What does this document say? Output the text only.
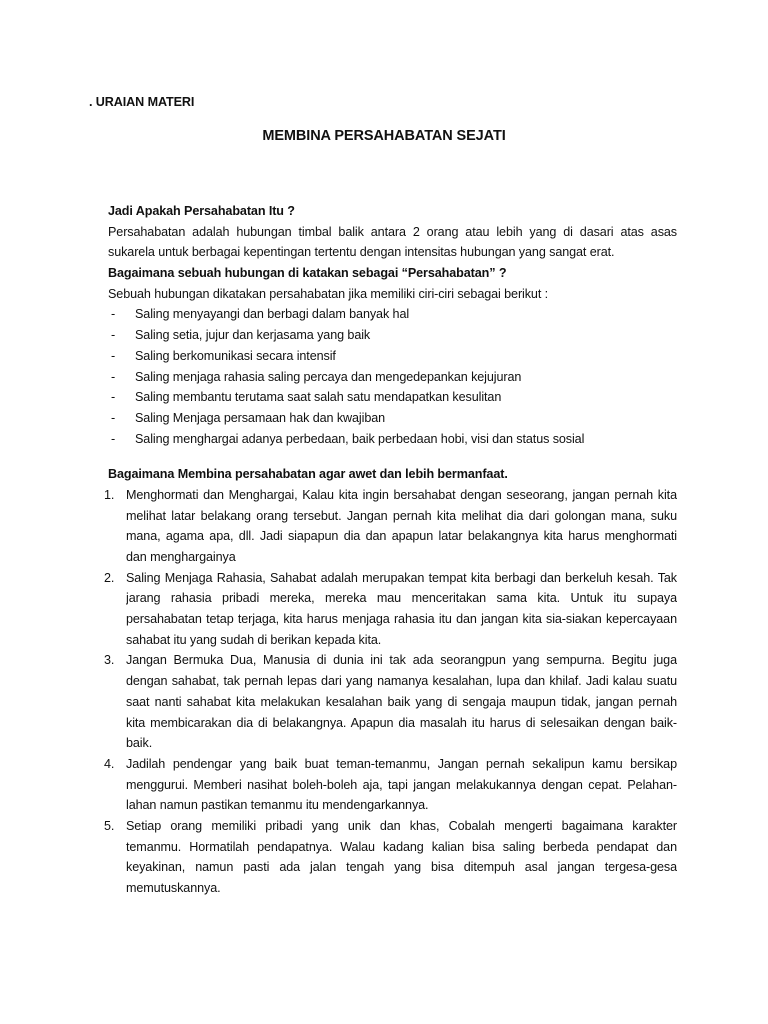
. URAIAN MATERI
MEMBINA PERSAHABATAN SEJATI
Jadi Apakah Persahabatan Itu ?
Persahabatan adalah hubungan timbal balik antara 2 orang atau lebih yang di dasari atas asas
sukarela untuk berbagai kepentingan tertentu dengan intensitas hubungan yang sangat erat.
Bagaimana sebuah hubungan di katakan sebagai “Persahabatan” ?
Sebuah hubungan dikatakan persahabatan jika memiliki ciri-ciri sebagai berikut :
- Saling menyayangi dan berbagi dalam banyak hal
- Saling setia, jujur dan kerjasama yang baik
- Saling berkomunikasi secara intensif
- Saling menjaga rahasia saling percaya dan mengedepankan kejujuran
- Saling membantu terutama saat salah satu mendapatkan kesulitan
- Saling Menjaga persamaan hak dan kwajiban
- Saling menghargai adanya perbedaan, baik perbedaan hobi, visi dan status sosial
Bagaimana Membina persahabatan agar awet dan lebih bermanfaat.
1. Menghormati dan Menghargai, Kalau kita ingin bersahabat dengan seseorang, jangan pernah kita
melihat latar belakang orang tersebut. Jangan pernah kita melihat dia dari golongan mana, suku
mana, agama apa, dll. Jadi siapapun dia dan apapun latar belakangnya kita harus menghormati
dan menghargainya
2. Saling Menjaga Rahasia, Sahabat adalah merupakan tempat kita berbagi dan berkeluh kesah. Tak
jarang rahasia pribadi mereka, mereka mau menceritakan sama kita. Untuk itu supaya
persahabatan tetap terjaga, kita harus menjaga rahasia itu dan jangan kita sia-siakan kepercayaan
sahabat itu yang sudah di berikan kepada kita.
3. Jangan Bermuka Dua, Manusia di dunia ini tak ada seorangpun yang sempurna. Begitu juga
dengan sahabat, tak pernah lepas dari yang namanya kesalahan, lupa dan khilaf. Jadi kalau suatu
saat nanti sahabat kita melakukan kesalahan baik yang di sengaja maupun tidak, jangan pernah
kita membicarakan dia di belakangnya. Apapun dia masalah itu harus di selesaikan dengan baik-
baik.
4. Jadilah pendengar yang baik buat teman-temanmu, Jangan pernah sekalipun kamu bersikap
menggurui. Memberi nasihat boleh-boleh aja, tapi jangan melakukannya dengan cepat. Pelahan-
lahan namun pastikan temanmu itu mendengarkannya.
5. Setiap orang memiliki pribadi yang unik dan khas, Cobalah mengerti bagaimana karakter
temanmu. Hormatilah pendapatnya. Walau kadang kalian bisa saling berbeda pendapat dan
keyakinan, namun pasti ada jalan tengah yang bisa ditempuh asal jangan tergesa-gesa
memutuskannya.
